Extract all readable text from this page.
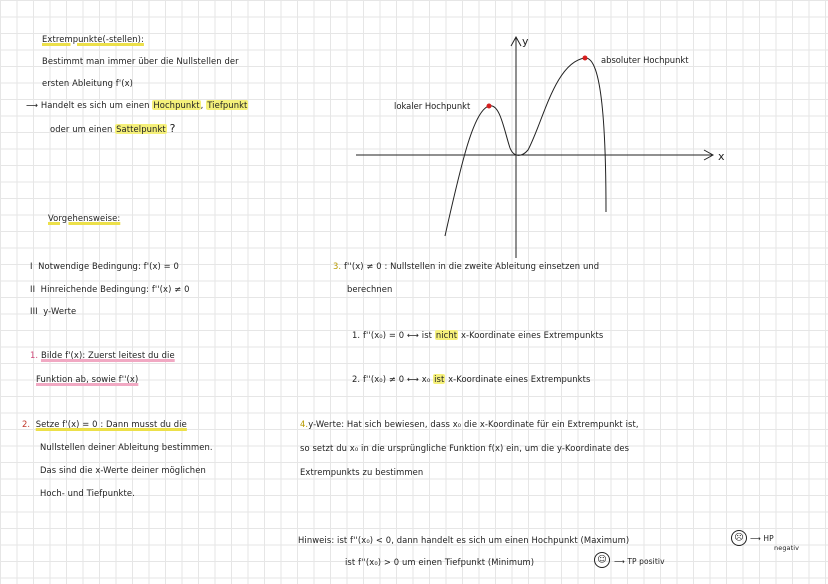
Extrempunkte(-stellen):
Bestimmt man immer über die Nullstellen der
ersten Ableitung f'(x)
⟶ Handelt es sich um einen Hochpunkt, Tiefpunkt
oder um einen Sattelpunkt ?
Vorgehensweise:
I Notwendige Bedingung: f'(x) = 0
II Hinreichende Bedingung: f''(x) ≠ 0
III y-Werte
1. Bilde f'(x): Zuerst leitest du die
Funktion ab, sowie f''(x)
2. Setze f'(x) = 0 : Dann musst du die
Nullstellen deiner Ableitung bestimmen.
Das sind die x-Werte deiner möglichen
Hoch- und Tiefpunkte.
3. f''(x) ≠ 0 : Nullstellen in die zweite Ableitung einsetzen und
berechnen
1. f''(x₀) = 0 ⟷ ist nicht x-Koordinate eines Extrempunkts
2. f''(x₀) ≠ 0 ⟷ x₀ ist x-Koordinate eines Extrempunkts
4.y-Werte: Hat sich bewiesen, dass x₀ die x-Koordinate für ein Extrempunkt ist,
so setzt du x₀ in die ursprüngliche Funktion f(x) ein, um die y-Koordinate des
Extrempunkts zu bestimmen
Hinweis: ist f''(x₀) < 0, dann handelt es sich um einen Hochpunkt (Maximum)
ist f''(x₀) > 0 um einen Tiefpunkt (Minimum)
☹ ⟶ HP
negativ
☺ ⟶ TP positiv
y
x
lokaler Hochpunkt
absoluter Hochpunkt
